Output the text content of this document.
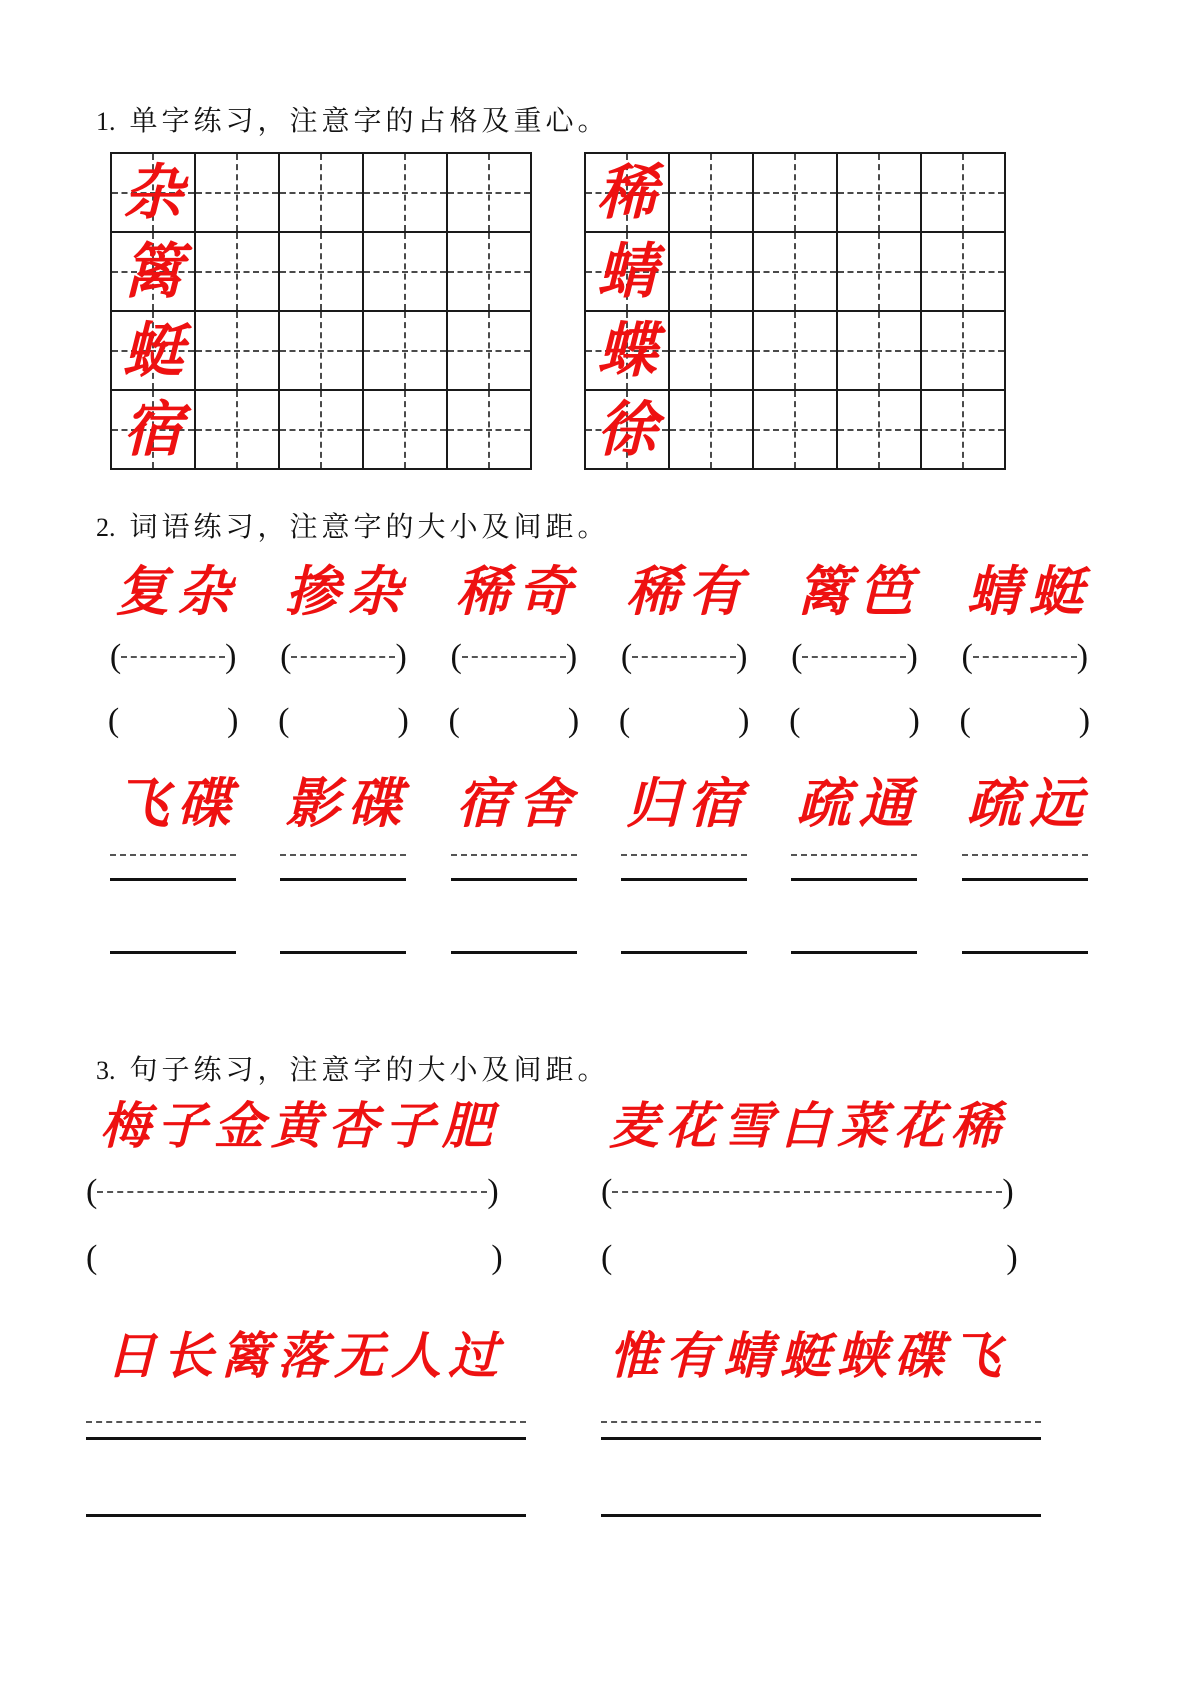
1. 单字练习，注意字的占格及重心。
杂
篱
蜓
宿
稀
蜻
蝶
徐
2. 词语练习，注意字的大小及间距。
复杂
(	)
(	)
掺杂
(	)
(	)
稀奇
(	)
(	)
稀有
(	)
(	)
篱笆
(	)
(	)
蜻蜓
(	)
(	)
飞碟 影碟 宿舍 归宿 疏通 疏远
3. 句子练习，注意字的大小及间距。
梅子金黄杏子肥
(	)
(	)
麦花雪白菜花稀
(	)
(	)
日长篱落无人过 惟有蜻蜓蛱碟飞
